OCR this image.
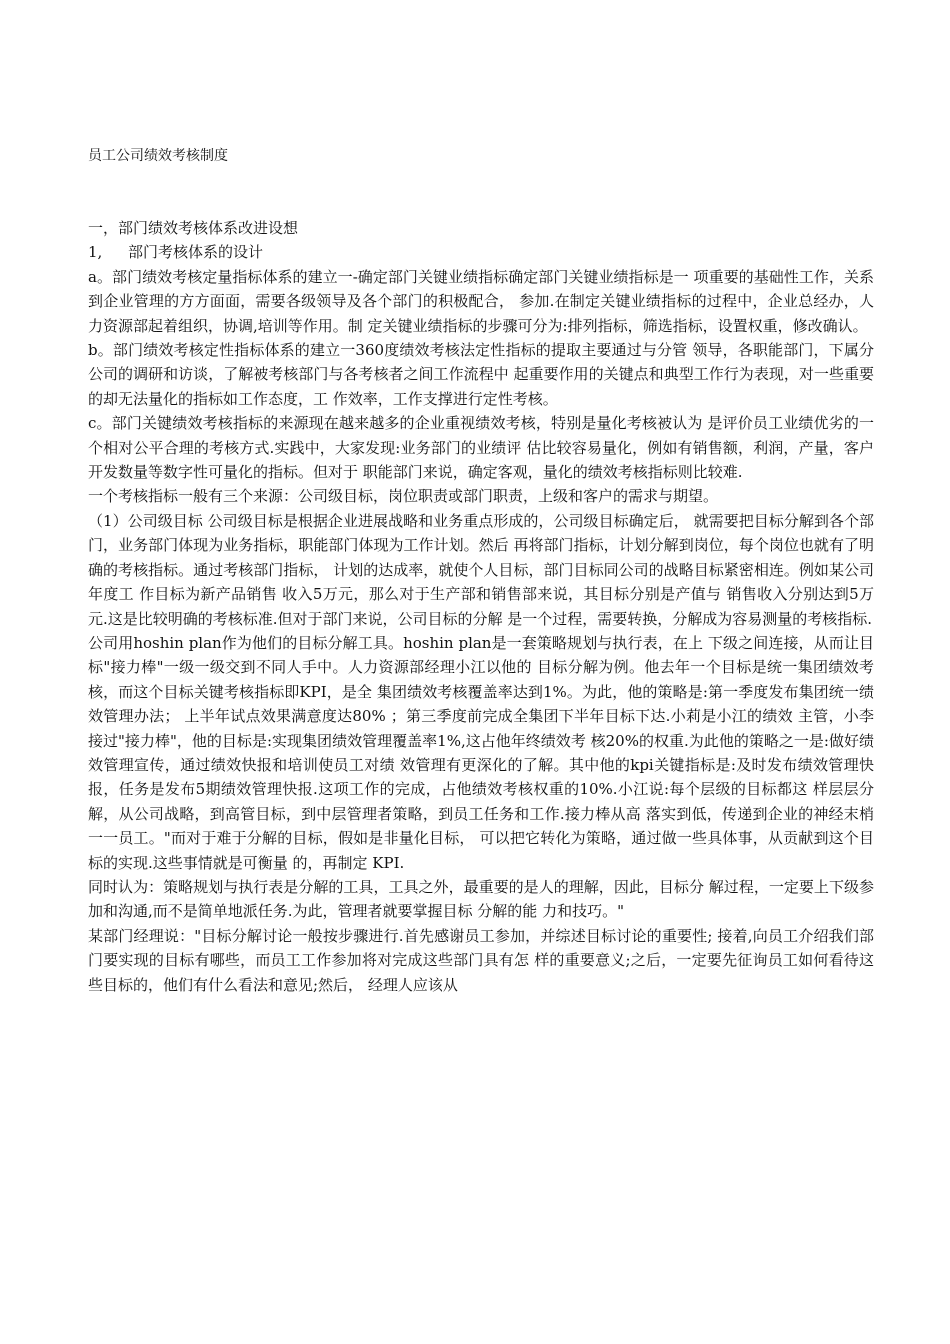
员工公司绩效考核制度

一，部门绩效考核体系改进设想

1,	部门考核体系的设计

a。部门绩效考核定量指标体系的建立一-确定部门关键业绩指标确定部门关键业绩指标是一 项重要的基础性工作，关系到企业管理的方方面面，需要各级领导及各个部门的积极配合， 参加.在制定关键业绩指标的过程中，企业总经办，人力资源部起着组织，协调,培训等作用。制 定关键业绩指标的步骤可分为:排列指标，筛选指标，设置权重，修改确认。

b。部门绩效考核定性指标体系的建立一360度绩效考核法定性指标的提取主要通过与分管 领导，各职能部门，下属分公司的调研和访谈，了解被考核部门与各考核者之间工作流程中 起重要作用的关键点和典型工作行为表现，对一些重要的却无法量化的指标如工作态度，工 作效率，工作支撑进行定性考核。

c。部门关键绩效考核指标的来源现在越来越多的企业重视绩效考核，特别是量化考核被认为 是评价员工业绩优劣的一个相对公平合理的考核方式.实践中，大家发现:业务部门的业绩评 估比较容易量化，例如有销售额，利润，产量，客户开发数量等数字性可量化的指标。但对于 职能部门来说，确定客观，量化的绩效考核指标则比较难.

一个考核指标一般有三个来源：公司级目标，岗位职责或部门职责，上级和客户的需求与期望。

（1）公司级目标 公司级目标是根据企业进展战略和业务重点形成的，公司级目标确定后， 就需要把目标分解到各个部门，业务部门体现为业务指标，职能部门体现为工作计划。然后 再将部门指标，计划分解到岗位，每个岗位也就有了明确的考核指标。通过考核部门指标， 计划的达成率，就使个人目标，部门目标同公司的战略目标紧密相连。例如某公司年度工 作目标为新产品销售 收入5万元，那么对于生产部和销售部来说，其目标分别是产值与 销售收入分别达到5万元.这是比较明确的考核标准.但对于部门来说，公司目标的分解 是一个过程，需要转换，分解成为容易测量的考核指标.

公司用hoshin plan作为他们的目标分解工具。hoshin plan是一套策略规划与执行表，在上 下级之间连接，从而让目标"接力棒"一级一级交到不同人手中。人力资源部经理小江以他的 目标分解为例。他去年一个目标是统一集团绩效考核，而这个目标关键考核指标即KPI，是全 集团绩效考核覆盖率达到1%。为此，他的策略是:第一季度发布集团统一绩效管理办法； 上半年试点效果满意度达80% ；第三季度前完成全集团下半年目标下达.小莉是小江的绩效 主管，小李接过"接力棒"，他的目标是:实现集团绩效管理覆盖率1%,这占他年终绩效考 核20%的权重.为此他的策略之一是:做好绩效管理宣传，通过绩效快报和培训使员工对绩 效管理有更深化的了解。其中他的kpi关键指标是:及时发布绩效管理快报，任务是发布5期绩效管理快报.这项工作的完成，占他绩效考核权重的10%.小江说:每个层级的目标都这 样层层分解，从公司战略，到高管目标，到中层管理者策略，到员工任务和工作.接力棒从高 落实到低，传递到企业的神经末梢一一员工。"而对于难于分解的目标，假如是非量化目标， 可以把它转化为策略，通过做一些具体事，从贡献到这个目标的实现.这些事情就是可衡量 的，再制定 KPI.

同时认为：策略规划与执行表是分解的工具，工具之外，最重要的是人的理解，因此，目标分 解过程，一定要上下级参加和沟通,而不是简单地派任务.为此，管理者就要掌握目标 分解的能 力和技巧。"

某部门经理说："目标分解讨论一般按步骤进行.首先感谢员工参加，并综述目标讨论的重要性; 接着,向员工介绍我们部门要实现的目标有哪些，而员工工作参加将对完成这些部门具有怎 样的重要意义;之后，一定要先征询员工如何看待这些目标的，他们有什么看法和意见;然后， 经理人应该从
